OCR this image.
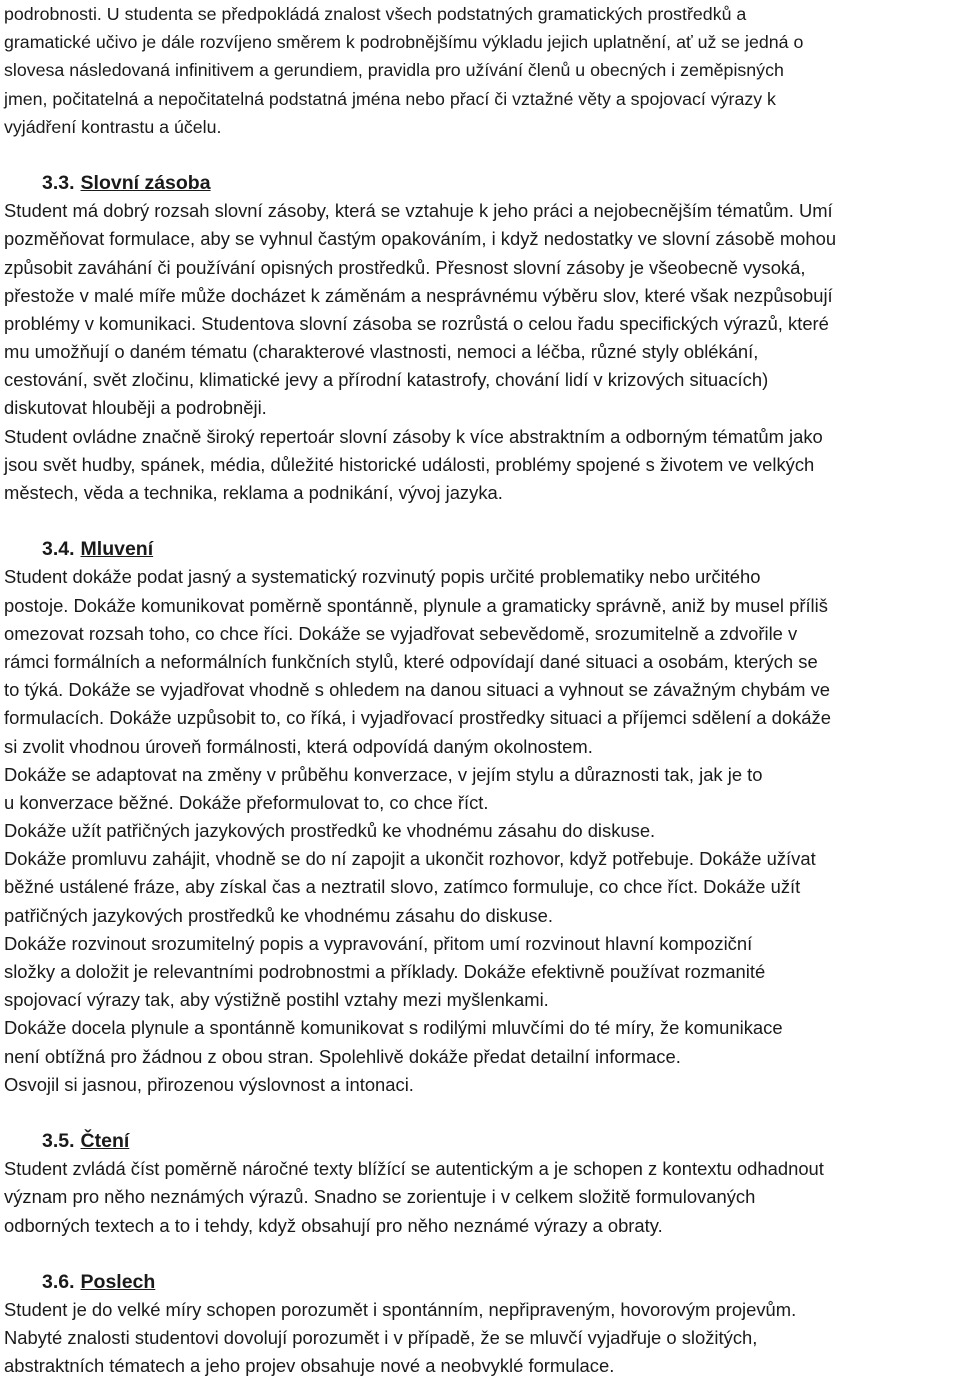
podrobnosti. U studenta se předpokládá znalost všech podstatných gramatických prostředků a
gramatické učivo je dále rozvíjeno směrem k podrobnějšímu výkladu jejich uplatnění, ať už se jedná o
slovesa následovaná infinitivem a gerundiem, pravidla pro užívání členů u obecných i zeměpisných
jmen, počitatelná a nepočitatelná podstatná jména nebo přací či vztažné věty a spojovací výrazy k
vyjádření kontrastu a účelu.
3.3. Slovní zásoba
Student má dobrý rozsah slovní zásoby, která se vztahuje k jeho práci a nejobecnějším tématům. Umí
pozměňovat formulace, aby se vyhnul častým opakováním, i když nedostatky ve slovní zásobě mohou
způsobit zaváhání či používání opisných prostředků. Přesnost slovní zásoby je všeobecně vysoká,
přestože v malé míře může docházet k záměnám a nesprávnému výběru slov, které však nezpůsobují
problémy v komunikaci. Studentova slovní zásoba se rozrůstá o celou řadu specifických výrazů, které
mu umožňují o daném tématu (charakterové vlastnosti, nemoci a léčba, různé styly oblékání,
cestování, svět zločinu, klimatické jevy a přírodní katastrofy, chování lidí v krizových situacích)
diskutovat hlouběji a podrobněji.
Student ovládne značně široký repertoár slovní zásoby k více abstraktním a odborným tématům jako
jsou svět hudby, spánek, média, důležité historické události, problémy spojené s životem ve velkých
městech, věda a technika, reklama a podnikání, vývoj jazyka.
3.4. Mluvení
Student dokáže podat jasný a systematický rozvinutý popis určité problematiky nebo určitého
postoje. Dokáže komunikovat poměrně spontánně, plynule a gramaticky správně, aniž by musel příliš
omezovat rozsah toho, co chce říci. Dokáže se vyjadřovat sebevědomě, srozumitelně a zdvořile v
rámci formálních a neformálních funkčních stylů, které odpovídají dané situaci a osobám, kterých se
to týká. Dokáže se vyjadřovat vhodně s ohledem na danou situaci a vyhnout se závažným chybám ve
formulacích. Dokáže uzpůsobit to, co říká, i vyjadřovací prostředky situaci a příjemci sdělení a dokáže
si zvolit vhodnou úroveň formálnosti, která odpovídá daným okolnostem.
Dokáže se adaptovat na změny v průběhu konverzace, v jejím stylu a důraznosti tak, jak je to
u konverzace běžné. Dokáže přeformulovat to, co chce říct.
Dokáže užít patřičných jazykových prostředků ke vhodnému zásahu do diskuse.
Dokáže promluvu zahájit, vhodně se do ní zapojit a ukončit rozhovor, když potřebuje. Dokáže užívat
běžné ustálené fráze, aby získal čas a neztratil slovo, zatímco formuluje, co chce říct. Dokáže užít
patřičných jazykových prostředků ke vhodnému zásahu do diskuse.
Dokáže rozvinout srozumitelný popis a vypravování, přitom umí rozvinout hlavní kompoziční
složky a doložit je relevantními podrobnostmi a příklady. Dokáže efektivně používat rozmanité
spojovací výrazy tak, aby výstižně postihl vztahy mezi myšlenkami.
Dokáže docela plynule a spontánně komunikovat s rodilými mluvčími do té míry, že komunikace
není obtížná pro žádnou z obou stran. Spolehlivě dokáže předat detailní informace.
Osvojil si jasnou, přirozenou výslovnost a intonaci.
3.5. Čtení
Student zvládá číst poměrně náročné texty blížící se autentickým a je schopen z kontextu odhadnout
význam pro něho neznámých výrazů. Snadno se zorientuje i v celkem složitě formulovaných
odborných textech a to i tehdy, když obsahují pro něho neznámé výrazy a obraty.
3.6. Poslech
Student je do velké míry schopen porozumět i spontánním, nepřipraveným, hovorovým projevům.
Nabyté znalosti studentovi dovolují porozumět i v případě, že se mluvčí vyjadřuje o složitých,
abstraktních tématech a jeho projev obsahuje nové a neobvyklé formulace.
